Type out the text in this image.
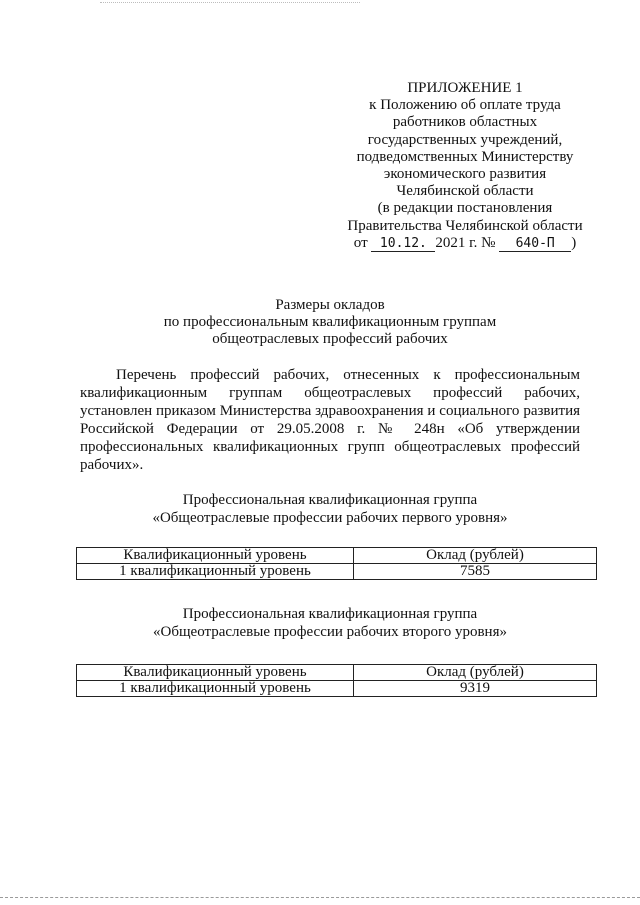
ПРИЛОЖЕНИЕ 1
к Положению об оплате труда
работников областных
государственных учреждений,
подведомственных Министерству
экономического развития
Челябинской области
(в редакции постановления
Правительства Челябинской области
от 10.12. 2021 г. № 640-П )
Размеры окладов
по профессиональным квалификационным группам
общеотраслевых профессий рабочих
Перечень профессий рабочих, отнесенных к профессиональным
квалификационным группам общеотраслевых профессий рабочих,
установлен приказом Министерства здравоохранения и социального развития
Российской Федерации от 29.05.2008 г. № 248н «Об утверждении
профессиональных квалификационных групп общеотраслевых профессий
рабочих».
Профессиональная квалификационная группа
«Общеотраслевые профессии рабочих первого уровня»
Квалификационный уровень	Оклад (рублей)
1 квалификационный уровень	7585
Профессиональная квалификационная группа
«Общеотраслевые профессии рабочих второго уровня»
Квалификационный уровень	Оклад (рублей)
1 квалификационный уровень	9319
